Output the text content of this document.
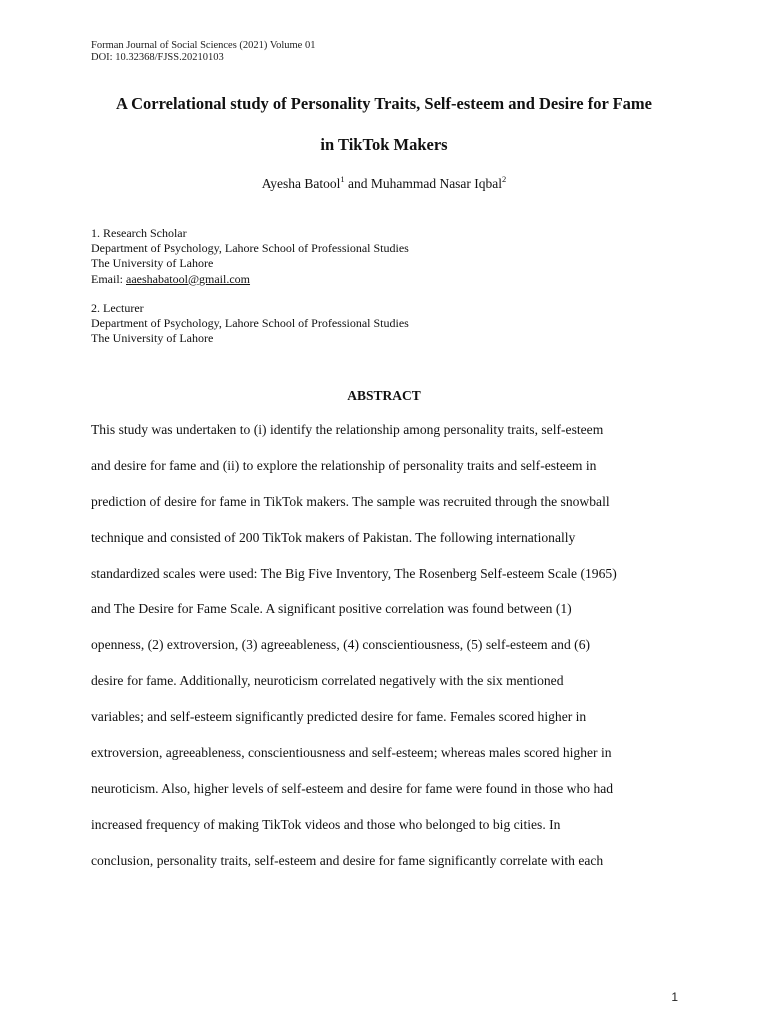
Forman Journal of Social Sciences (2021) Volume 01
DOI: 10.32368/FJSS.20210103
A Correlational study of Personality Traits, Self-esteem and Desire for Fame
in TikTok Makers
Ayesha Batool$^1$ and Muhammad Nasar Iqbal$^2$
1. Research Scholar
Department of Psychology, Lahore School of Professional Studies
The University of Lahore
Email: aaeshabatool@gmail.com
2. Lecturer
Department of Psychology, Lahore School of Professional Studies
The University of Lahore
ABSTRACT
This study was undertaken to (i) identify the relationship among personality traits, self-esteem
and desire for fame and (ii) to explore the relationship of personality traits and self-esteem in
prediction of desire for fame in TikTok makers. The sample was recruited through the snowball
technique and consisted of 200 TikTok makers of Pakistan. The following internationally
standardized scales were used: The Big Five Inventory, The Rosenberg Self-esteem Scale (1965)
and The Desire for Fame Scale. A significant positive correlation was found between (1)
openness, (2) extroversion, (3) agreeableness, (4) conscientiousness, (5) self-esteem and (6)
desire for fame. Additionally, neuroticism correlated negatively with the six mentioned
variables; and self-esteem significantly predicted desire for fame. Females scored higher in
extroversion, agreeableness, conscientiousness and self-esteem; whereas males scored higher in
neuroticism. Also, higher levels of self-esteem and desire for fame were found in those who had
increased frequency of making TikTok videos and those who belonged to big cities. In
conclusion, personality traits, self-esteem and desire for fame significantly correlate with each
1
